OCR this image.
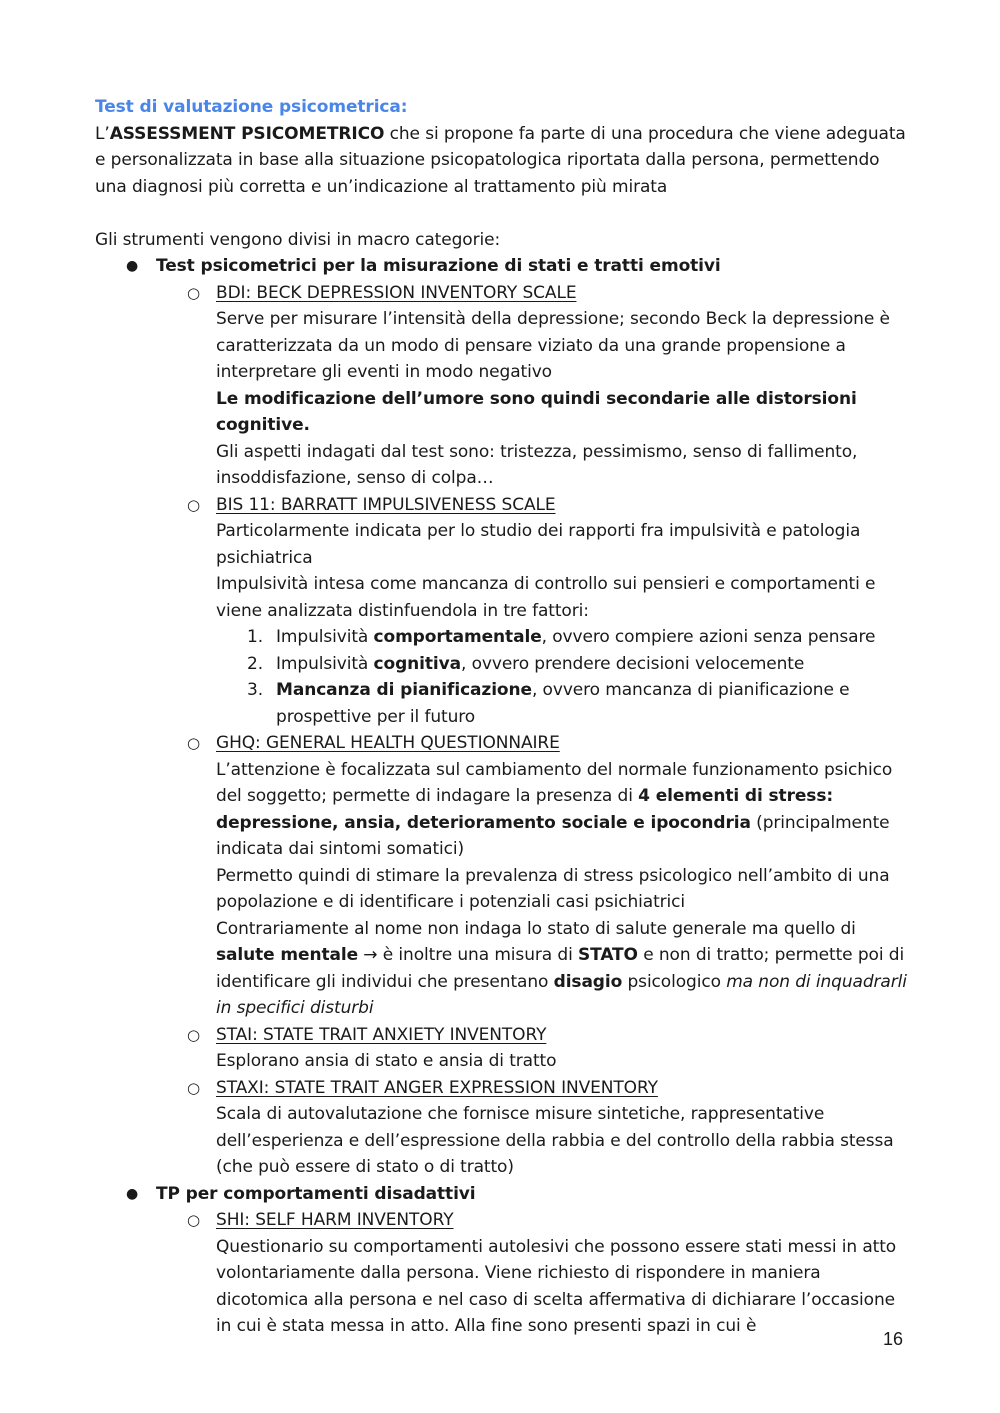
Test di valutazione psicometrica:

L’ASSESSMENT PSICOMETRICO che si propone fa parte di una procedura che viene adeguata e personalizzata in base alla situazione psicopatologica riportata dalla persona, permettendo una diagnosi più corretta e un’indicazione al trattamento più mirata

Gli strumenti vengono divisi in macro categorie:

● Test psicometrici per la misurazione di stati e tratti emotivi
○ BDI: BECK DEPRESSION INVENTORY SCALE
Serve per misurare l’intensità della depressione; secondo Beck la depressione è caratterizzata da un modo di pensare viziato da una grande propensione a interpretare gli eventi in modo negativo
Le modificazione dell’umore sono quindi secondarie alle distorsioni cognitive.
Gli aspetti indagati dal test sono: tristezza, pessimismo, senso di fallimento, insoddisfazione, senso di colpa…
○ BIS 11: BARRATT IMPULSIVENESS SCALE
Particolarmente indicata per lo studio dei rapporti fra impulsività e patologia psichiatrica
Impulsività intesa come mancanza di controllo sui pensieri e comportamenti e viene analizzata distinfuendola in tre fattori:
1. Impulsività comportamentale, ovvero compiere azioni senza pensare
2. Impulsività cognitiva, ovvero prendere decisioni velocemente
3. Mancanza di pianificazione, ovvero mancanza di pianificazione e prospettive per il futuro
○ GHQ: GENERAL HEALTH QUESTIONNAIRE
L’attenzione è focalizzata sul cambiamento del normale funzionamento psichico del soggetto; permette di indagare la presenza di 4 elementi di stress: depressione, ansia, deterioramento sociale e ipocondria (principalmente indicata dai sintomi somatici)
Permetto quindi di stimare la prevalenza di stress psicologico nell’ambito di una popolazione e di identificare i potenziali casi psichiatrici
Contrariamente al nome non indaga lo stato di salute generale ma quello di salute mentale → è inoltre una misura di STATO e non di tratto; permette poi di identificare gli individui che presentano disagio psicologico ma non di inquadrarli in specifici disturbi
○ STAI: STATE TRAIT ANXIETY INVENTORY
Esplorano ansia di stato e ansia di tratto
○ STAXI: STATE TRAIT ANGER EXPRESSION INVENTORY
Scala di autovalutazione che fornisce misure sintetiche, rappresentative dell’esperienza e dell’espressione della rabbia e del controllo della rabbia stessa (che può essere di stato o di tratto)
● TP per comportamenti disadattivi
○ SHI: SELF HARM INVENTORY
Questionario su comportamenti autolesivi che possono essere stati messi in atto volontariamente dalla persona. Viene richiesto di rispondere in maniera dicotomica alla persona e nel caso di scelta affermativa di dichiarare l’occasione in cui è stata messa in atto. Alla fine sono presenti spazi in cui è
16
